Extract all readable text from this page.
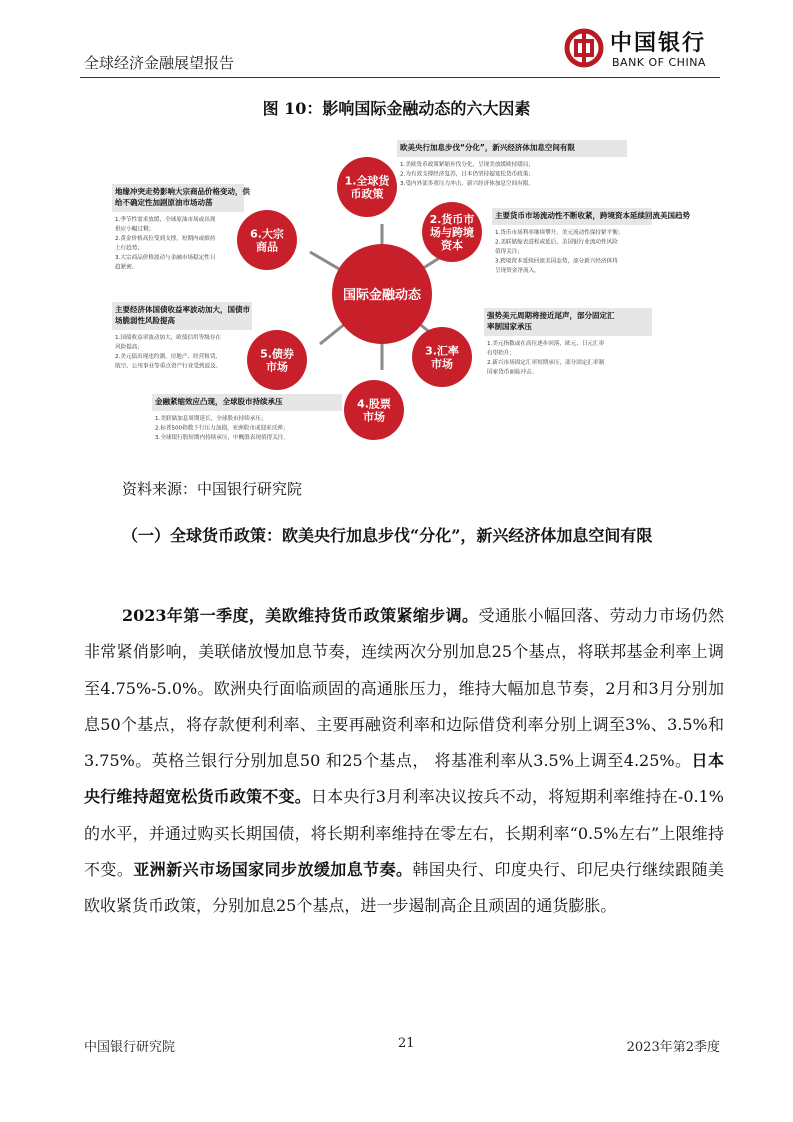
全球经济金融展望报告
中国银行
BANK OF CHINA
图 10：影响国际金融动态的六大因素
国际金融动态
1.全球货
币政策
2.货币市
场与跨境
资本
3.汇率
市场
4.股票
市场
5.债券
市场
6.大宗
商品
欧美央行加息步伐“分化”，新兴经济体加息空间有限
1.美欧货币政策紧缩步伐分化，呈现美放缓欧持缓局；
2.为有效支撑经济复苏，日本仍坚持超宽松货币政策；
3.受内外部多重压力冲击，新兴经济体加息空间有限。
主要货币市场流动性不断收紧，跨境资本延续回流美国趋势
1.货币市场利率继续攀升，美元流动性保持紧平衡；
2.美联储缩表进程或延后，美国银行业流动性风险
值得关注；
3.跨境资本延续回流美国态势，部分新兴经济体将
呈现资金净流入。
强势美元周期将接近尾声，部分固定汇率制国家承压
1.美元指数或在高位逐步回落，欧元、日元汇率
有望抬升；
2.新兴市场固定汇率短期承压，部分固定汇率制
国家货币面临冲击。
金融紧缩效应凸现，全球股市持续承压
1.美联储加息周期延长，全球股市持续承压；
2.标普500指数下行压力加剧，亚洲股市或迎来反弹；
3.全球银行股短期内持续承压，中概股表现值得关注。
主要经济体国债收益率波动加大，国债市场脆弱性风险提高
1.国债收益率波动加大，欧债信用等级存在
风险提高；
2.美元债出现违约潮，房地产、经营租赁、
航空、公用事业等重点资产行业受到波及。
地缘冲突走势影响大宗商品价格变动，供给不确定性加剧原油市场动荡
1.季节性需求放缓，全球原油市场或出现
供应小幅过剩；
2.黄金价格高位受到支撑，短期内或维持
上行趋势；
3.大宗商品价格波动与金融市场稳定性日
趋紧密。
资料来源：中国银行研究院
（一）全球货币政策：欧美央行加息步伐“分化”，新兴经济体加息空间有限
2023年第一季度，美欧维持货币政策紧缩步调。受通胀小幅回落、劳动力市场仍然非常紧俏影响，美联储放慢加息节奏，连续两次分别加息25个基点，将联邦基金利率上调至4.75%-5.0%。欧洲央行面临顽固的高通胀压力，维持大幅加息节奏，2月和3月分别加息50个基点，将存款便利利率、主要再融资利率和边际借贷利率分别上调至3%、3.5%和3.75%。英格兰银行分别加息50 和25个基点， 将基准利率从3.5%上调至4.25%。日本央行维持超宽松货币政策不变。日本央行3月利率决议按兵不动，将短期利率维持在-0.1%的水平，并通过购买长期国债，将长期利率维持在零左右，长期利率“0.5%左右”上限维持不变。亚洲新兴市场国家同步放缓加息节奏。韩国央行、印度央行、印尼央行继续跟随美欧收紧货币政策，分别加息25个基点，进一步遏制高企且顽固的通货膨胀。
中国银行研究院	21	2023年第2季度
